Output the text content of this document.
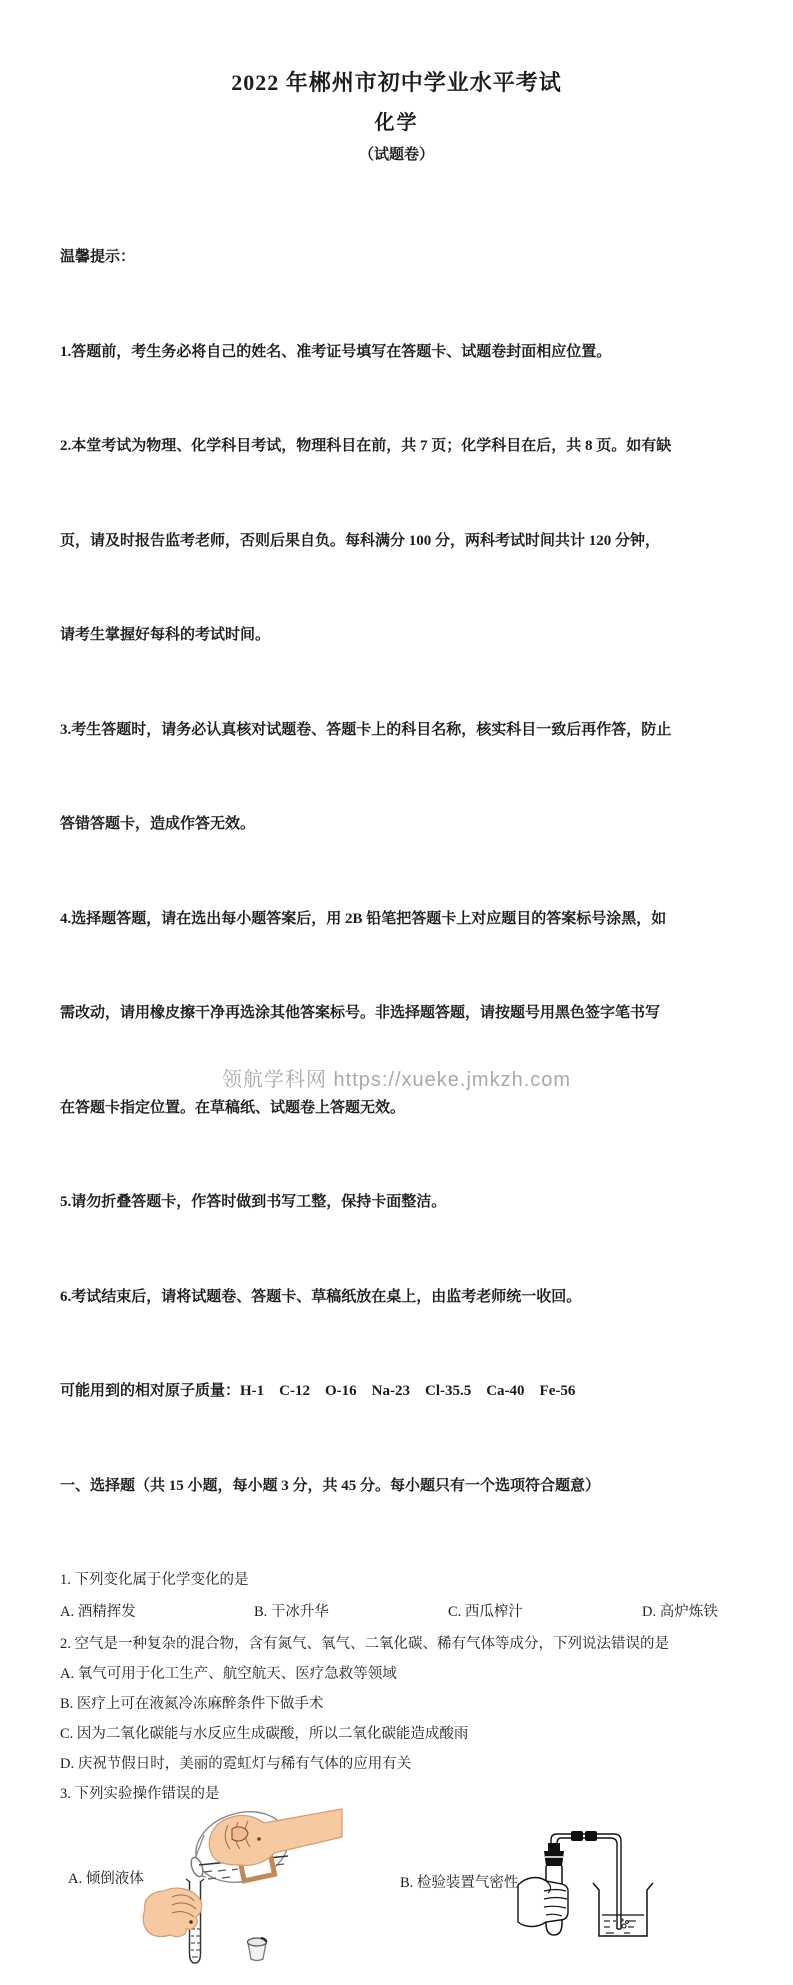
2022 年郴州市初中学业水平考试
化学
（试题卷）

温馨提示：

1.答题前，考生务必将自己的姓名、准考证号填写在答题卡、试题卷封面相应位置。

2.本堂考试为物理、化学科目考试，物理科目在前，共 7 页；化学科目在后，共 8 页。如有缺

页，请及时报告监考老师，否则后果自负。每科满分 100 分，两科考试时间共计 120 分钟，

请考生掌握好每科的考试时间。

3.考生答题时，请务必认真核对试题卷、答题卡上的科目名称，核实科目一致后再作答，防止

答错答题卡，造成作答无效。

4.选择题答题，请在选出每小题答案后，用 2B 铅笔把答题卡上对应题目的答案标号涂黑，如

需改动，请用橡皮擦干净再选涂其他答案标号。非选择题答题，请按题号用黑色签字笔书写

在答题卡指定位置。在草稿纸、试题卷上答题无效。

5.请勿折叠答题卡，作答时做到书写工整，保持卡面整洁。

6.考试结束后，请将试题卷、答题卡、草稿纸放在桌上，由监考老师统一收回。

可能用到的相对原子质量：H-1　C-12　O-16　Na-23　Cl-35.5　Ca-40　Fe-56

一、选择题（共 15 小题，每小题 3 分，共 45 分。每小题只有一个选项符合题意）

1. 下列变化属于化学变化的是
A. 酒精挥发	B. 干冰升华	C. 西瓜榨汁	D. 高炉炼铁
2. 空气是一种复杂的混合物，含有氮气、氧气、二氧化碳、稀有气体等成分，下列说法错误的是
A. 氧气可用于化工生产、航空航天、医疗急救等领域
B. 医疗上可在液氮冷冻麻醉条件下做手术
C. 因为二氧化碳能与水反应生成碳酸，所以二氧化碳能造成酸雨
D. 庆祝节假日时，美丽的霓虹灯与稀有气体的应用有关
3. 下列实验操作错误的是
A. 倾倒液体	B. 检验装置气密性
领航学科网 https://xueke.jmkzh.com
